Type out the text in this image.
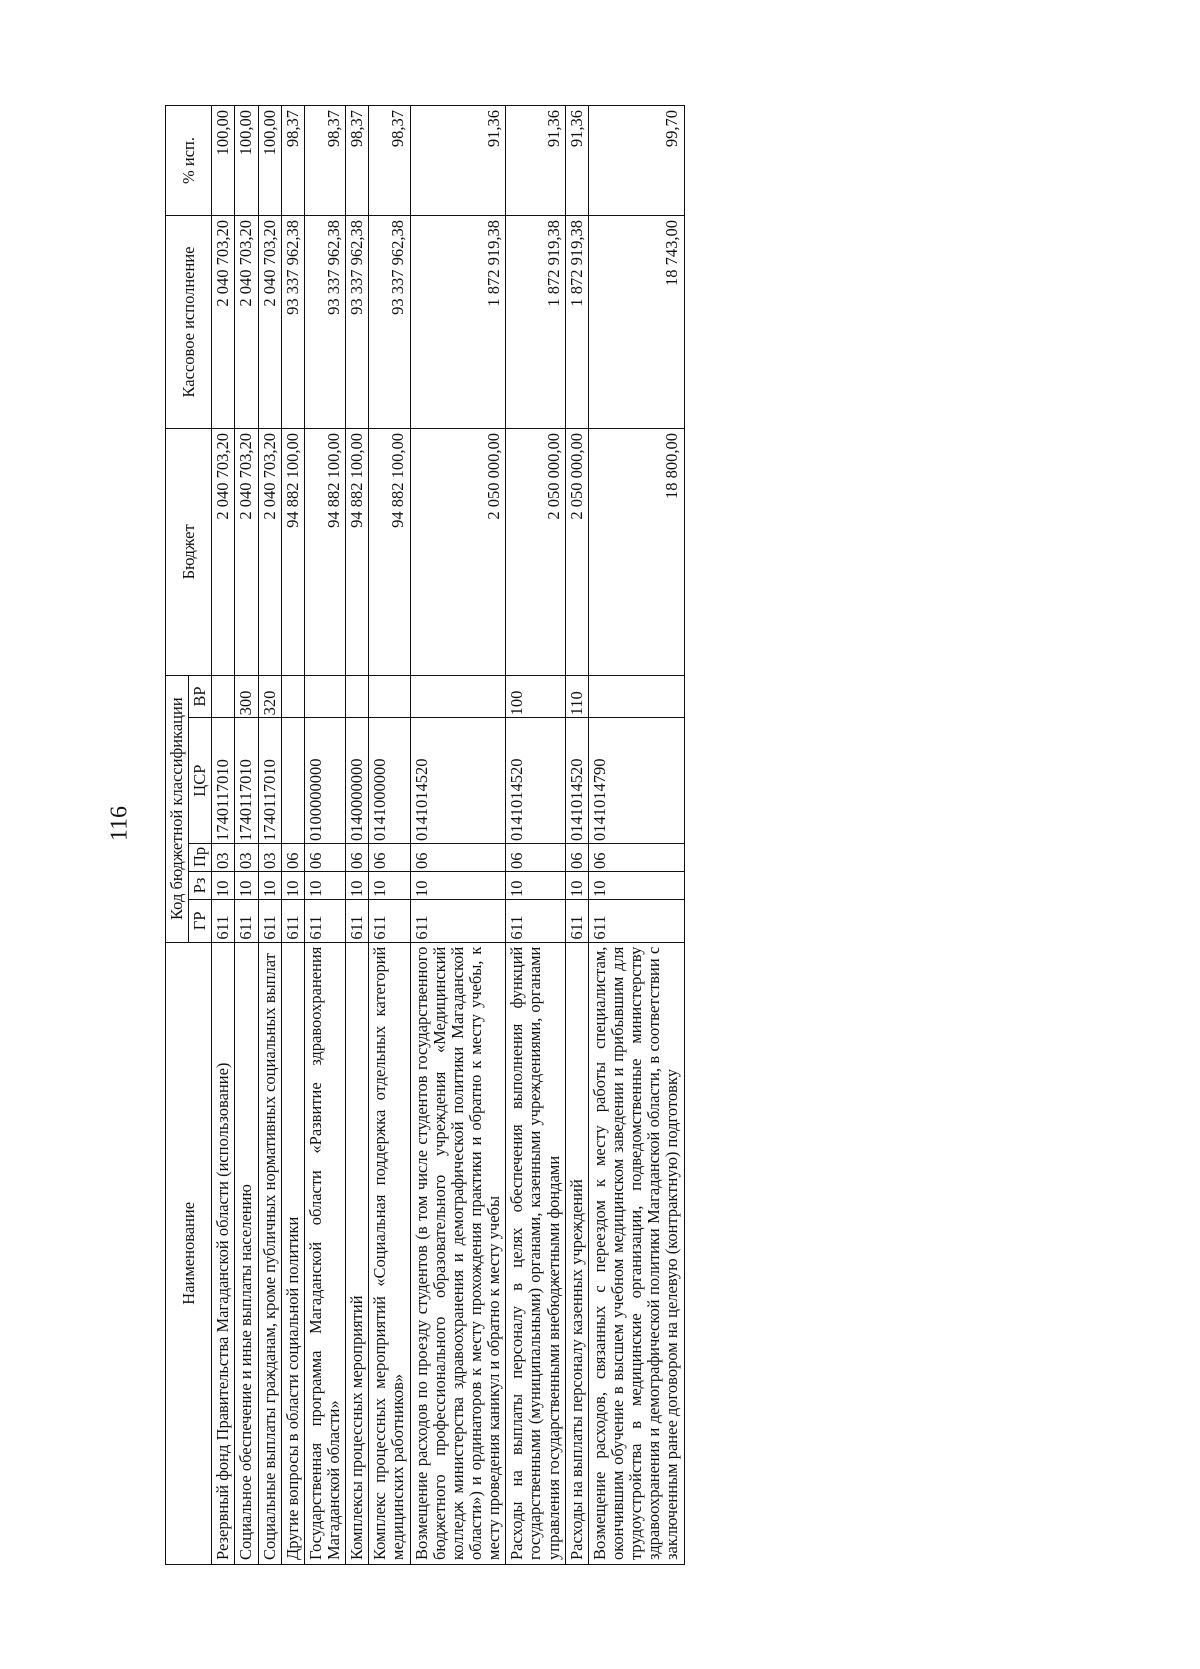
116
Наименование	Код бюджетной классификации					Бюджет	Кассовое исполнение	% исп.
	ГР	Рз	Пр	ЦСР	ВР			
Резервный фонд Правительства Магаданской области (использование)	611	10	03	1740117010		2 040 703,20	2 040 703,20	100,00
Социальное обеспечение и иные выплаты населению	611	10	03	1740117010	300	2 040 703,20	2 040 703,20	100,00
Социальные выплаты гражданам, кроме публичных нормативных социальных выплат	611	10	03	1740117010	320	2 040 703,20	2 040 703,20	100,00
Другие вопросы в области социальной политики	611	10	06			94 882 100,00	93 337 962,38	98,37
Государственная программа Магаданской области «Развитие здравоохранения Магаданской области»	611	10	06	0100000000		94 882 100,00	93 337 962,38	98,37
Комплексы процессных мероприятий	611	10	06	0140000000		94 882 100,00	93 337 962,38	98,37
Комплекс процессных мероприятий «Социальная поддержка отдельных категорий медицинских работников»	611	10	06	0141000000		94 882 100,00	93 337 962,38	98,37
Возмещение расходов по проезду студентов (в том числе студентов государственного бюджетного профессионального образовательного учреждения «Медицинский колледж министерства здравоохранения и демографической политики Магаданской области») и ординаторов к месту прохождения практики и обратно к месту учебы, к месту проведения каникул и обратно к месту учебы	611	10	06	0141014520		2 050 000,00	1 872 919,38	91,36
Расходы на выплаты персоналу в целях обеспечения выполнения функций государственными (муниципальными) органами, казенными учреждениями, органами управления государственными внебюджетными фондами	611	10	06	0141014520	100	2 050 000,00	1 872 919,38	91,36
Расходы на выплаты персоналу казенных учреждений	611	10	06	0141014520	110	2 050 000,00	1 872 919,38	91,36
Возмещение расходов, связанных с переездом к месту работы специалистам, окончившим обучение в высшем учебном медицинском заведении и прибывшим для трудоустройства в медицинские организации, подведомственные министерству здравоохранения и демографической политики Магаданской области, в соответствии с заключенным ранее договором на целевую (контрактную) подготовку	611	10	06	0141014790		18 800,00	18 743,00	99,70
